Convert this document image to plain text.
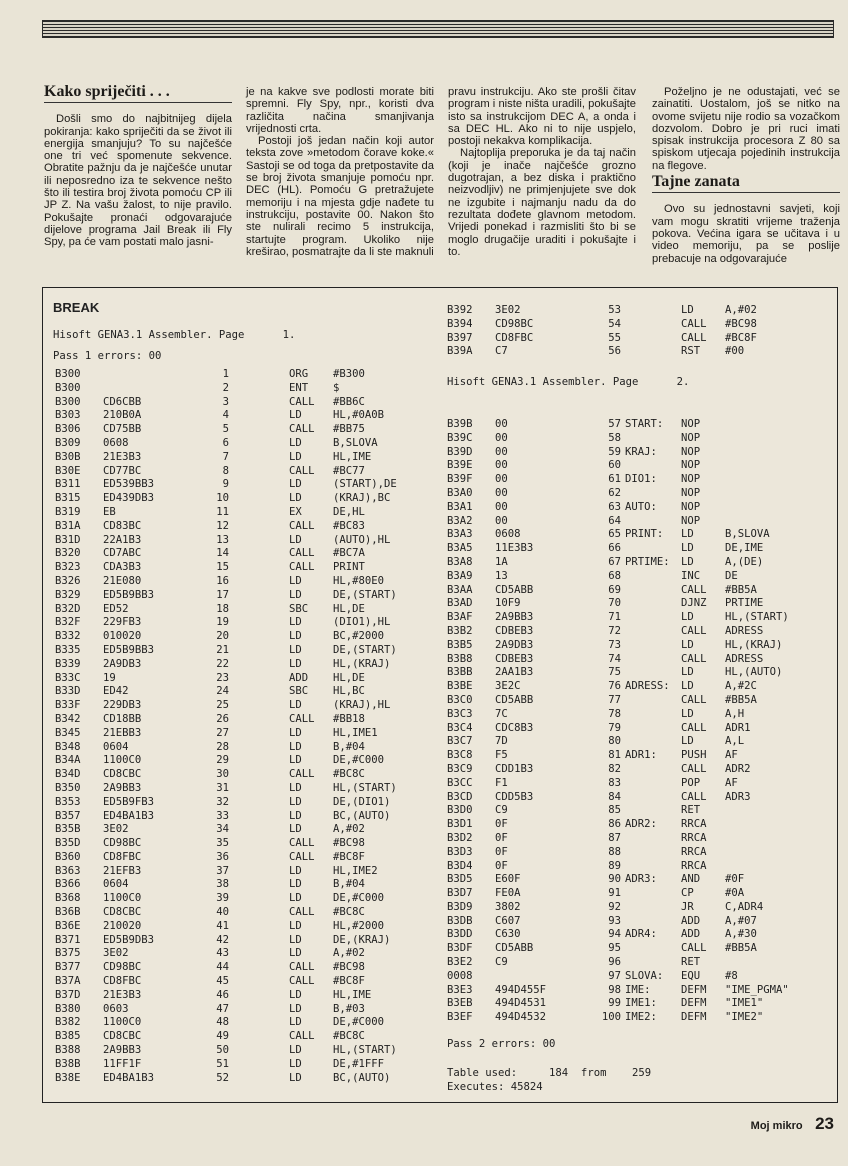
Kako spriječiti . . .

Došli smo do najbitnijeg dijela pokiranja: kako spriječiti da se život ili energija smanjuju? To su najčešće one tri već spomenute sekvence. Obratite pažnju da je najčešće unutar ili neposredno iza te sekvence nešto što ili testira broj života pomoću CP ili JP Z. Na vašu žalost, to nije pravilo. Pokušajte pronaći odgovarajuće dijelove programa Jail Break ili Fly Spy, pa će vam postati malo jasni-

je na kakve sve podlosti morate biti spremni. Fly Spy, npr., koristi dva različita načina smanjivanja vrijednosti crta.

Postoji još jedan način koji autor teksta zove »metodom čorave koke.« Sastoji se od toga da pretpostavite da se broj života smanjuje pomoću npr. DEC (HL). Pomoću G pretražujete memoriju i na mjesta gdje nađete tu instrukciju, postavite 00. Nakon što ste nulirali recimo 5 instrukcija, startujte program. Ukoliko nije kreširao, posmatrajte da li ste maknuli

pravu instrukciju. Ako ste prošli čitav program i niste ništa uradili, pokušajte isto sa instrukcijom DEC A, a onda i sa DEC HL. Ako ni to nije uspjelo, postoji nekakva komplikacija.

Najtoplija preporuka je da taj način (koji je inače najčešće grozno dugotrajan, a bez diska i praktično neizvodljiv) ne primjenjujete sve dok ne izgubite i najmanju nadu da do rezultata dođete glavnom metodom. Vrijedi ponekad i razmisliti što bi se moglo drugačije uraditi i pokušajte i to.

Poželjno je ne odustajati, već se zainatiti. Uostalom, još se nitko na ovome svijetu nije rodio sa vozačkom dozvolom. Dobro je pri ruci imati spisak instrukcija procesora Z 80 sa spiskom utjecaja pojedinih instrukcija na flegove.

Tajne zanata

Ovo su jednostavni savjeti, koji vam mogu skratiti vrijeme traženja pokova. Većina igara se učitava i u video memoriju, pa se poslije prebacuje na odgovarajuće

BREAK
Hisoft GENA3.1 Assembler. Page      1.
Pass 1 errors: 00
B300	1	ORG #B300
B300	2	ENT $
B300 CD6CBB	3	CALL #BB6C
B303 210B0A	4	LD	HL,#0A0B
B306 CD75BB	5	CALL #BB75
B309 0608	6	LD	B,SLOVA
B30B 21E3B3	7	LD	HL,IME
B30E CD77BC	8	CALL #BC77
B311 ED539BB3	9	LD	(START),DE
B315 ED439DB3	10	LD	(KRAJ),BC
B319 EB	11	EX	DE,HL
B31A CD83BC	12	CALL #BC83
B31D 22A1B3	13	LD	(AUTO),HL
B320 CD7ABC	14	CALL #BC7A
B323 CDA3B3	15	CALL PRINT
B326 21E080	16	LD	HL,#80E0
B329 ED5B9BB3	17	LD	DE,(START)
B32D ED52	18	SBC HL,DE
B32F 229FB3	19	LD	(DIO1),HL
B332 010020	20	LD	BC,#2000
B335 ED5B9BB3	21	LD	DE,(START)
B339 2A9DB3	22	LD	HL,(KRAJ)
B33C 19	23	ADD HL,DE
B33D ED42	24	SBC HL,BC
B33F 229DB3	25	LD	(KRAJ),HL
B342 CD18BB	26	CALL #BB18
B345 21EBB3	27	LD	HL,IME1
B348 0604	28	LD	B,#04
B34A 1100C0	29	LD	DE,#C000
B34D CD8CBC	30	CALL #BC8C
B350 2A9BB3	31	LD	HL,(START)
B353 ED5B9FB3	32	LD	DE,(DIO1)
B357 ED4BA1B3	33	LD	BC,(AUTO)
B35B 3E02	34	LD	A,#02
B35D CD98BC	35	CALL #BC98
B360 CD8FBC	36	CALL #BC8F
B363 21EFB3	37	LD	HL,IME2
B366 0604	38	LD	B,#04
B368 1100C0	39	LD	DE,#C000
B36B CD8CBC	40	CALL #BC8C
B36E 210020	41	LD	HL,#2000
B371 ED5B9DB3	42	LD	DE,(KRAJ)
B375 3E02	43	LD	A,#02
B377 CD98BC	44	CALL #BC98
B37A CD8FBC	45	CALL #BC8F
B37D 21E3B3	46	LD	HL,IME
B380 0603	47	LD	B,#03
B382 1100C0	48	LD	DE,#C000
B385 CD8CBC	49	CALL #BC8C
B388 2A9BB3	50	LD	HL,(START)
B38B 11FF1F	51	LD	DE,#1FFF
B38E ED4BA1B3	52	LD	BC,(AUTO)
B392 3E02	53	LD	A,#02
B394 CD98BC	54	CALL #BC98
B397 CD8FBC	55	CALL #BC8F
B39A C7	56	RST #00
Hisoft GENA3.1 Assembler. Page      2.
B39B 00	57 START: NOP
B39C 00	58	NOP
B39D 00	59 KRAJ: NOP
B39E 00	60	NOP
B39F 00	61 DIO1: NOP
B3A0 00	62	NOP
B3A1 00	63 AUTO: NOP
B3A2 00	64	NOP
B3A3 0608	65 PRINT: LD	B,SLOVA
B3A5 11E3B3	66	LD	DE,IME
B3A8 1A	67 PRTIME: LD	A,(DE)
B3A9 13	68	INC DE
B3AA CD5ABB	69	CALL #BB5A
B3AD 10F9	70	DJNZ PRTIME
B3AF 2A9BB3	71	LD	HL,(START)
B3B2 CDBEB3	72	CALL ADRESS
B3B5 2A9DB3	73	LD	HL,(KRAJ)
B3B8 CDBEB3	74	CALL ADRESS
B3BB 2AA1B3	75	LD	HL,(AUTO)
B3BE 3E2C	76 ADRESS: LD	A,#2C
B3C0 CD5ABB	77	CALL #BB5A
B3C3 7C	78	LD	A,H
B3C4 CDC8B3	79	CALL ADR1
B3C7 7D	80	LD	A,L
B3C8 F5	81 ADR1: PUSH AF
B3C9 CDD1B3	82	CALL ADR2
B3CC F1	83	POP AF
B3CD CDD5B3	84	CALL ADR3
B3D0 C9	85	RET
B3D1 0F	86 ADR2: RRCA
B3D2 0F	87	RRCA
B3D3 0F	88	RRCA
B3D4 0F	89	RRCA
B3D5 E60F	90 ADR3: AND #0F
B3D7 FE0A	91	CP	#0A
B3D9 3802	92	JR	C,ADR4
B3DB C607	93	ADD A,#07
B3DD C630	94 ADR4: ADD A,#30
B3DF CD5ABB	95	CALL #BB5A
B3E2 C9	96	RET
0008	97 SLOVA: EQU #8
B3E3 494D455F	98 IME:	DEFM "IME_PGMA"
B3EB 494D4531	99 IME1: DEFM "IME1"
B3EF 494D4532	100 IME2: DEFM "IME2"
Pass 2 errors: 00
Table used:     184  from    259
Executes: 45824
Moj mikro 23
